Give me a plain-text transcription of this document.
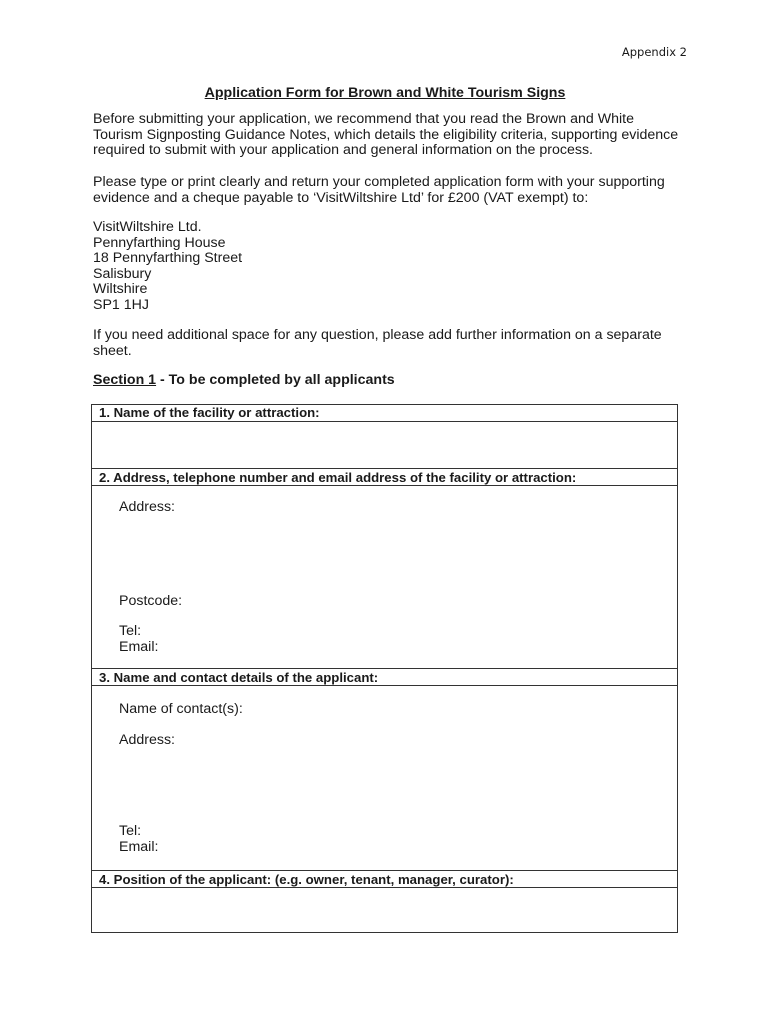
Appendix 2
Application Form for Brown and White Tourism Signs
Before submitting your application, we recommend that you read the Brown and White Tourism Signposting Guidance Notes, which details the eligibility criteria, supporting evidence required to submit with your application and general information on the process.
Please type or print clearly and return your completed application form with your supporting evidence and a cheque payable to ‘VisitWiltshire Ltd’ for £200 (VAT exempt) to:
VisitWiltshire Ltd.
Pennyfarthing House
18 Pennyfarthing Street
Salisbury
Wiltshire
SP1 1HJ
If you need additional space for any question, please add further information on a separate sheet.
Section 1 - To be completed by all applicants
1. Name of the facility or attraction:
2. Address, telephone number and email address of the facility or attraction:
Address:
Postcode:
Tel:
Email:
3. Name and contact details of the applicant:
Name of contact(s):
Address:
Tel:
Email:
4. Position of the applicant: (e.g. owner, tenant, manager, curator):
